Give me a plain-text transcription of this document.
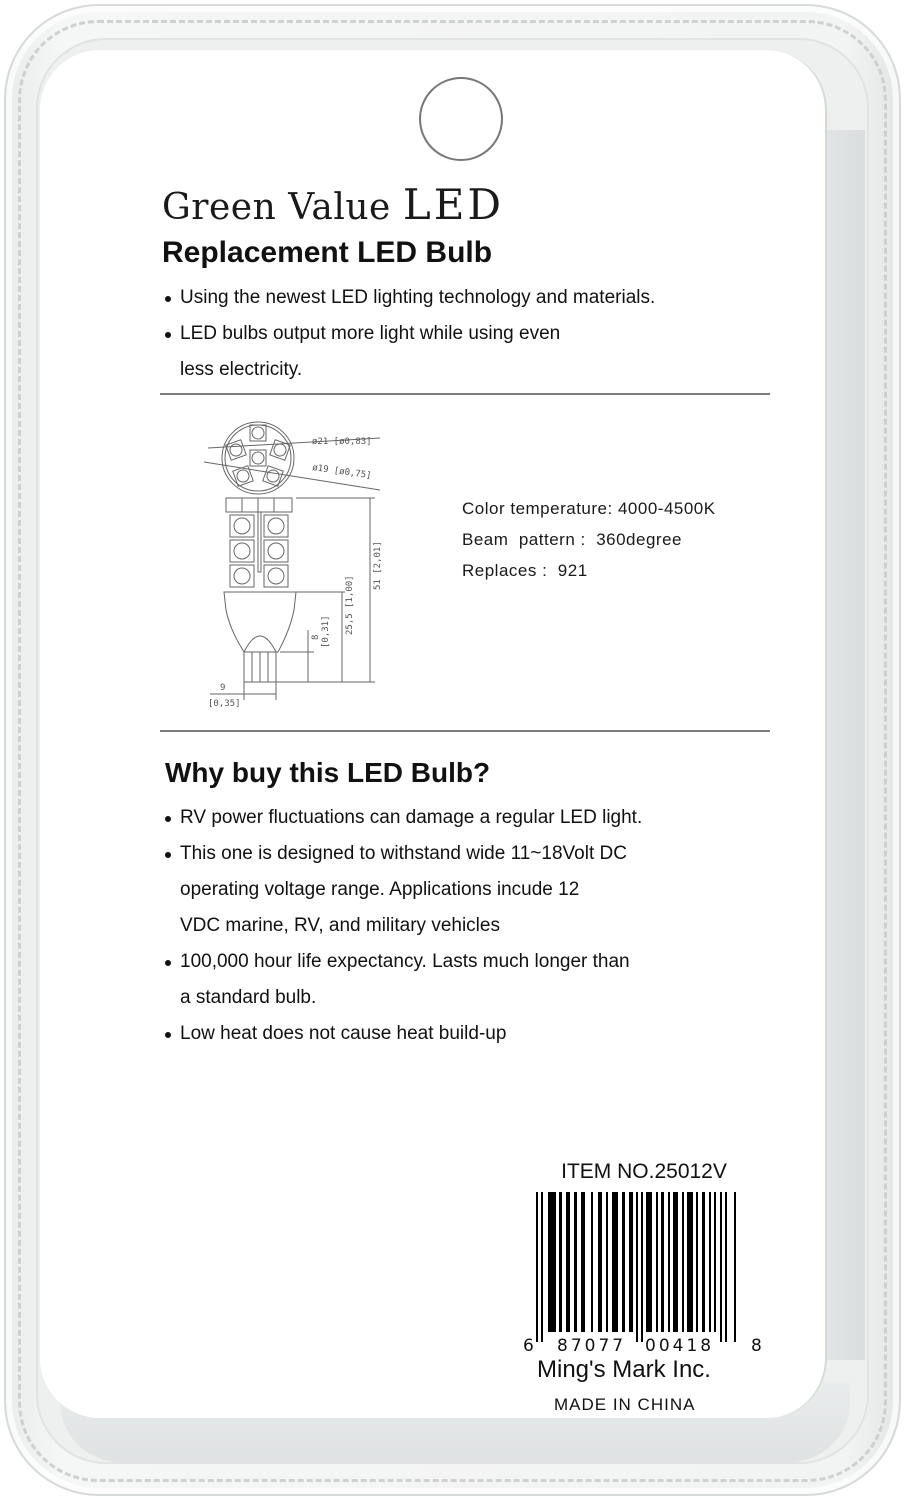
Green Value LED
Replacement LED Bulb
Using the newest LED lighting technology and materials.
LED bulbs output more light while using even
less electricity.
ø21 [ø0,83]
ø19 [ø0,75]
51 [2,01]
25,5 [1,00]
8 [0,31]
9
[0,35]
Color temperature: 4000-4500K
Beam  pattern : 360degree
Replaces : 921
Why buy this LED Bulb?
RV power fluctuations can damage a regular LED light.
This one is designed to withstand wide 11~18Volt DC
operating voltage range. Applications incude 12
VDC marine, RV, and military vehicles
100,000 hour life expectancy. Lasts much longer than
a standard bulb.
Low heat does not cause heat build-up
ITEM NO.25012V
6 87077 00418 8
Ming's Mark Inc.
MADE IN CHINA
